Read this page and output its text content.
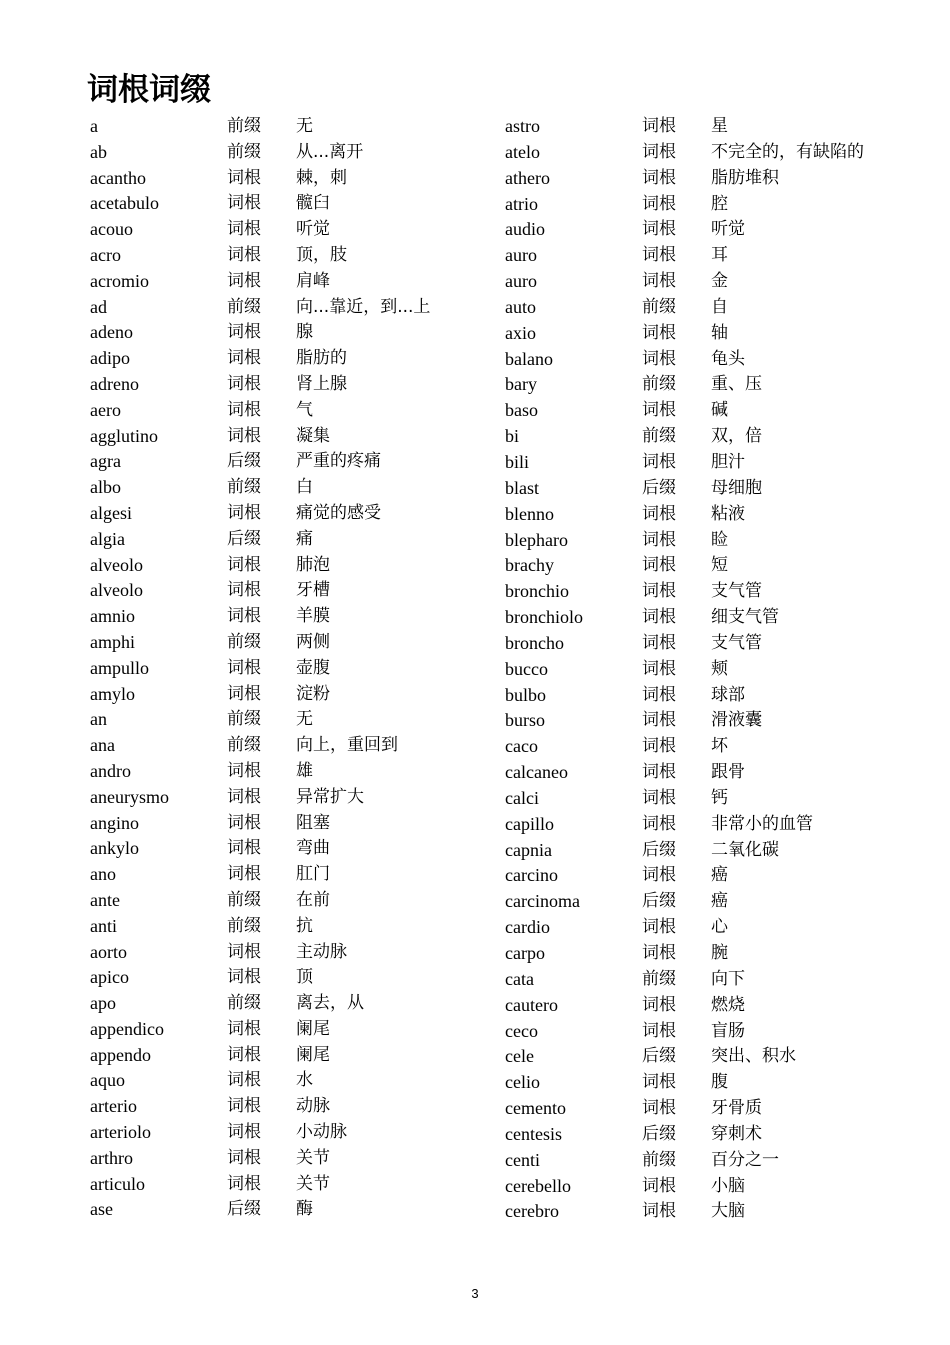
词根词缀
a	前缀 无
ab	前缀 从...离开
acantho	词根 棘，刺
acetabulo	词根 髋臼
acouo	词根 听觉
acro	词根 顶，肢
acromio	词根 肩峰
ad	前缀 向...靠近，到...上
adeno	词根 腺
adipo	词根 脂肪的
adreno	词根 肾上腺
aero	词根 气
agglutino	词根 凝集
agra	后缀 严重的疼痛
albo	前缀 白
algesi	词根 痛觉的感受
algia	后缀 痛
alveolo	词根 肺泡
alveolo	词根 牙槽
amnio	词根 羊膜
amphi	前缀 两侧
ampullo	词根 壶腹
amylo	词根 淀粉
an	前缀 无
ana	前缀 向上，重回到
andro	词根 雄
aneurysmo	词根 异常扩大
angino	词根 阻塞
ankylo	词根 弯曲
ano	词根 肛门
ante	前缀 在前
anti	前缀 抗
aorto	词根 主动脉
apico	词根 顶
apo	前缀 离去，从
appendico	词根 阑尾
appendo	词根 阑尾
aquo	词根 水
arterio	词根 动脉
arteriolo	词根 小动脉
arthro	词根 关节
articulo	词根 关节
ase	后缀 酶
astro	词根 星
atelo	词根 不完全的，有缺陷的
athero	词根 脂肪堆积
atrio	词根 腔
audio	词根 听觉
auro	词根 耳
auro	词根 金
auto	前缀 自
axio	词根 轴
balano	词根 龟头
bary	前缀 重、压
baso	词根 碱
bi	前缀 双，倍
bili	词根 胆汁
blast	后缀 母细胞
blenno	词根 粘液
blepharo	词根 睑
brachy	词根 短
bronchio	词根 支气管
bronchiolo	词根 细支气管
broncho	词根 支气管
bucco	词根 颊
bulbo	词根 球部
burso	词根 滑液囊
caco	词根 坏
calcaneo	词根 跟骨
calci	词根 钙
capillo	词根 非常小的血管
capnia	后缀 二氧化碳
carcino	词根 癌
carcinoma	后缀 癌
cardio	词根 心
carpo	词根 腕
cata	前缀 向下
cautero	词根 燃烧
ceco	词根 盲肠
cele	后缀 突出、积水
celio	词根 腹
cemento	词根 牙骨质
centesis	后缀 穿刺术
centi	前缀 百分之一
cerebello	词根 小脑
cerebro	词根 大脑
3
